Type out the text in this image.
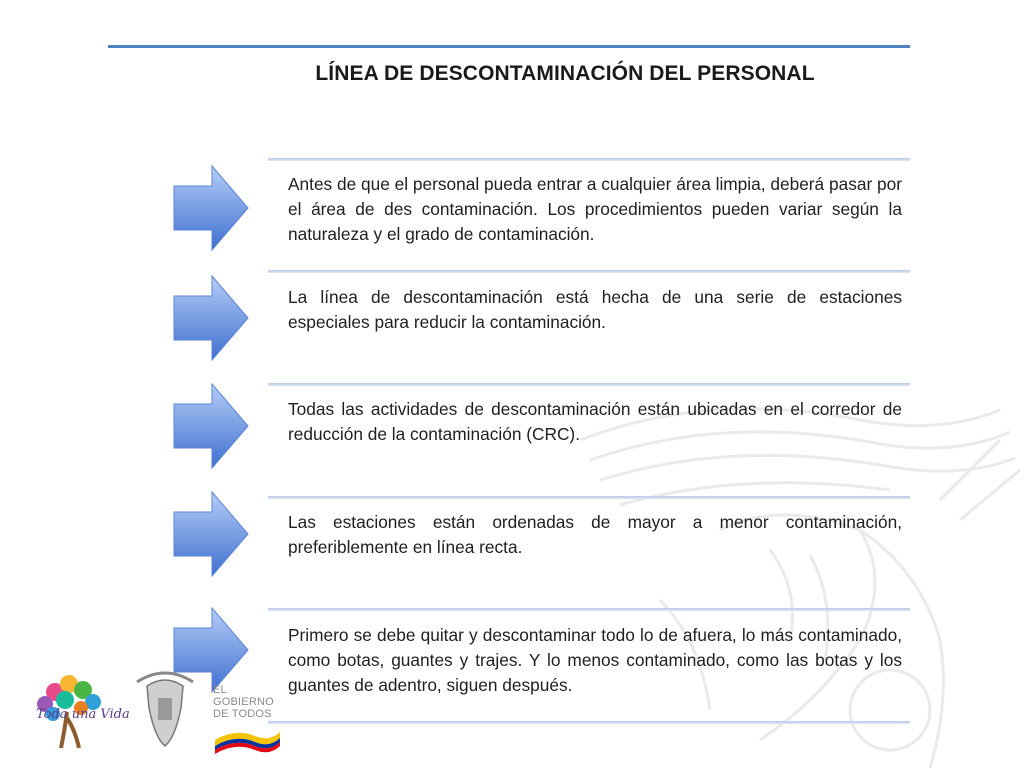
LÍNEA DE DESCONTAMINACIÓN DEL PERSONAL
Antes de que el personal pueda entrar a cualquier área limpia, deberá pasar por el área de des contaminación. Los procedimientos pueden variar según la naturaleza y el grado de contaminación.
La línea de descontaminación está hecha de una serie de estaciones especiales para reducir la contaminación.
Todas las actividades de descontaminación están ubicadas en el corredor de reducción de la contaminación (CRC).
Las estaciones están ordenadas de mayor a menor contaminación, preferiblemente en línea recta.
Primero se debe quitar y descontaminar todo lo de afuera, lo más contaminado, como botas, guantes y trajes. Y lo menos contaminado, como las botas y los guantes de adentro, siguen después.
Toda una Vida
EL
GOBIERNO
DE TODOS
